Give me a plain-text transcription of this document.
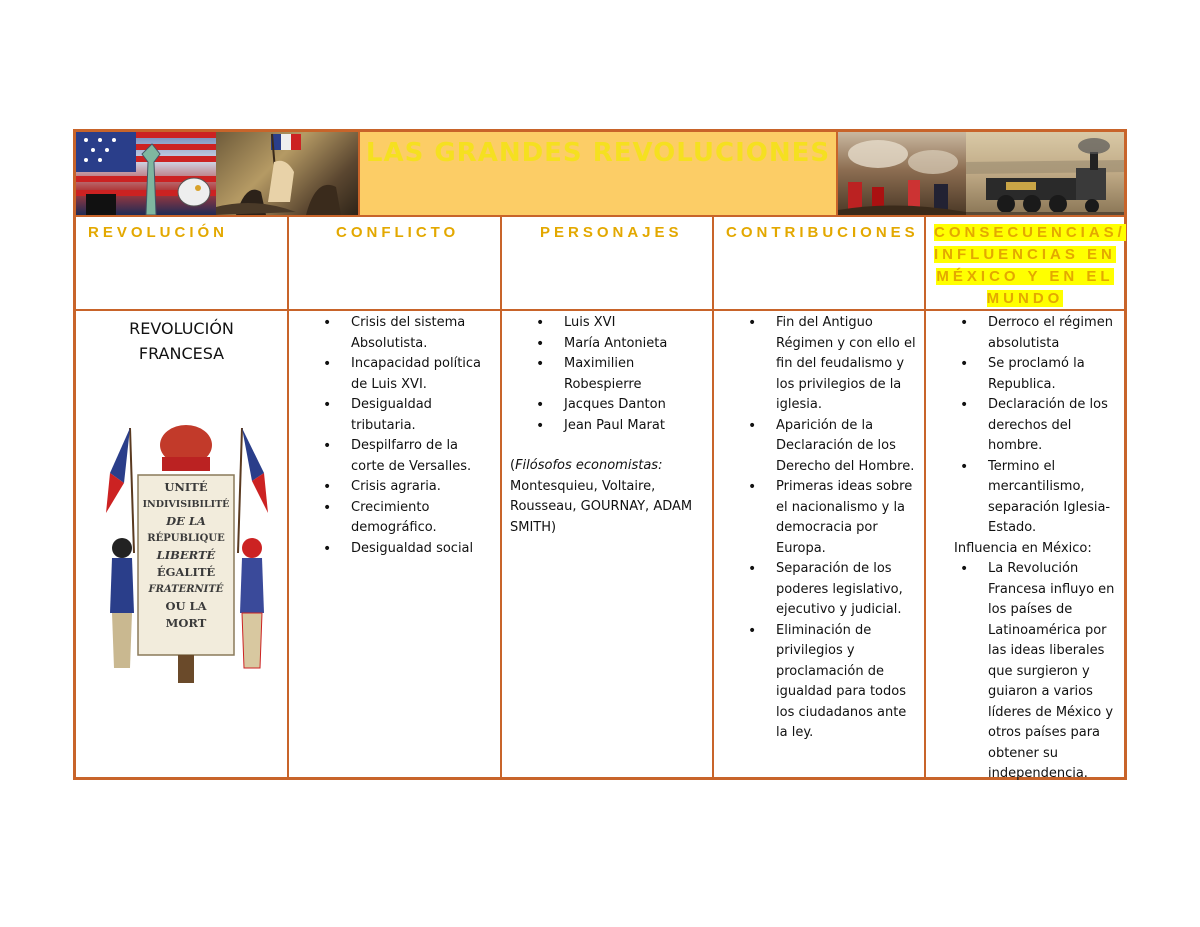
LAS GRANDES REVOLUCIONES
REVOLUCIÓN
REVOLUCIÓN
FRANCESA
UNITÉ
INDIVISIBILITÉ
DE LA
RÉPUBLIQUE
LIBERTÉ
ÉGALITÉ
FRATERNITÉ
OU LA
MORT
CONFLICTO
• Crisis del sistema Absolutista.
• Incapacidad política de Luis XVI.
• Desigualdad tributaria.
• Despilfarro de la corte de Versalles.
• Crisis agraria.
• Crecimiento demográfico.
• Desigualdad social
PERSONAJES
• Luis XVI
• María Antonieta
• Maximilien Robespierre
• Jacques Danton
• Jean Paul Marat
(Filósofos economistas:
Montesquieu, Voltaire, Rousseau, GOURNAY, ADAM SMITH)
CONTRIBUCIONES
• Fin del Antiguo Régimen y con ello el fin del feudalismo y los privilegios de la iglesia.
• Aparición de la Declaración de los Derecho del Hombre.
• Primeras ideas sobre el nacionalismo y la democracia por Europa.
• Separación de los poderes legislativo, ejecutivo y judicial.
• Eliminación de privilegios y proclamación de igualdad para todos los ciudadanos ante la ley.
CONSECUENCIAS/
INFLUENCIAS EN
MÉXICO Y EN EL
MUNDO
• Derroco el régimen absolutista
• Se proclamó la Republica.
• Declaración de los derechos del hombre.
• Termino el mercantilismo, separación Iglesia-Estado.
Influencia en México:
• La Revolución Francesa influyo en los países de Latinoamérica por las ideas liberales que surgieron y guiaron a varios líderes de México y otros países para obtener su independencia.
